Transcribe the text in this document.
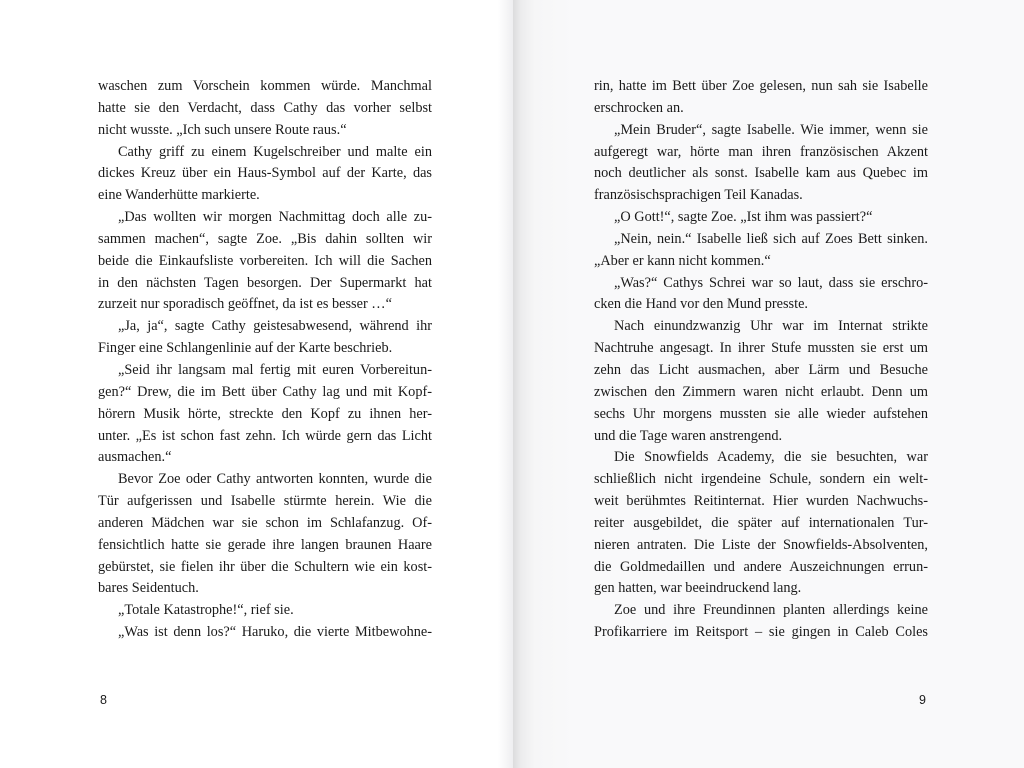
waschen zum Vorschein kommen würde. Manchmal
hatte sie den Verdacht, dass Cathy das vorher selbst
nicht wusste. „Ich such unsere Route raus.“
Cathy griff zu einem Kugelschreiber und malte ein
dickes Kreuz über ein Haus-Symbol auf der Karte, das
eine Wanderhütte markierte.
„Das wollten wir morgen Nachmittag doch alle zu-
sammen machen“, sagte Zoe. „Bis dahin sollten wir
beide die Einkaufsliste vorbereiten. Ich will die Sachen
in den nächsten Tagen besorgen. Der Supermarkt hat
zurzeit nur sporadisch geöffnet, da ist es besser …“
„Ja, ja“, sagte Cathy geistesabwesend, während ihr
Finger eine Schlangenlinie auf der Karte beschrieb.
„Seid ihr langsam mal fertig mit euren Vorbereitun-
gen?“ Drew, die im Bett über Cathy lag und mit Kopf-
hörern Musik hörte, streckte den Kopf zu ihnen her-
unter. „Es ist schon fast zehn. Ich würde gern das Licht
ausmachen.“
Bevor Zoe oder Cathy antworten konnten, wurde die
Tür aufgerissen und Isabelle stürmte herein. Wie die
anderen Mädchen war sie schon im Schlafanzug. Of-
fensichtlich hatte sie gerade ihre langen braunen Haare
gebürstet, sie fielen ihr über die Schultern wie ein kost-
bares Seidentuch.
„Totale Katastrophe!“, rief sie.
„Was ist denn los?“ Haruko, die vierte Mitbewohne-
8
rin, hatte im Bett über Zoe gelesen, nun sah sie Isabelle
erschrocken an.
„Mein Bruder“, sagte Isabelle. Wie immer, wenn sie
aufgeregt war, hörte man ihren französischen Akzent
noch deutlicher als sonst. Isabelle kam aus Quebec im
französischsprachigen Teil Kanadas.
„O Gott!“, sagte Zoe. „Ist ihm was passiert?“
„Nein, nein.“ Isabelle ließ sich auf Zoes Bett sinken.
„Aber er kann nicht kommen.“
„Was?“ Cathys Schrei war so laut, dass sie erschro-
cken die Hand vor den Mund presste.
Nach einundzwanzig Uhr war im Internat strikte
Nachtruhe angesagt. In ihrer Stufe mussten sie erst um
zehn das Licht ausmachen, aber Lärm und Besuche
zwischen den Zimmern waren nicht erlaubt. Denn um
sechs Uhr morgens mussten sie alle wieder aufstehen
und die Tage waren anstrengend.
Die Snowfields Academy, die sie besuchten, war
schließlich nicht irgendeine Schule, sondern ein welt-
weit berühmtes Reitinternat. Hier wurden Nachwuchs-
reiter ausgebildet, die später auf internationalen Tur-
nieren antraten. Die Liste der Snowfields-Absolventen,
die Goldmedaillen und andere Auszeichnungen errun-
gen hatten, war beeindruckend lang.
Zoe und ihre Freundinnen planten allerdings keine
Profikarriere im Reitsport – sie gingen in Caleb Coles
9
